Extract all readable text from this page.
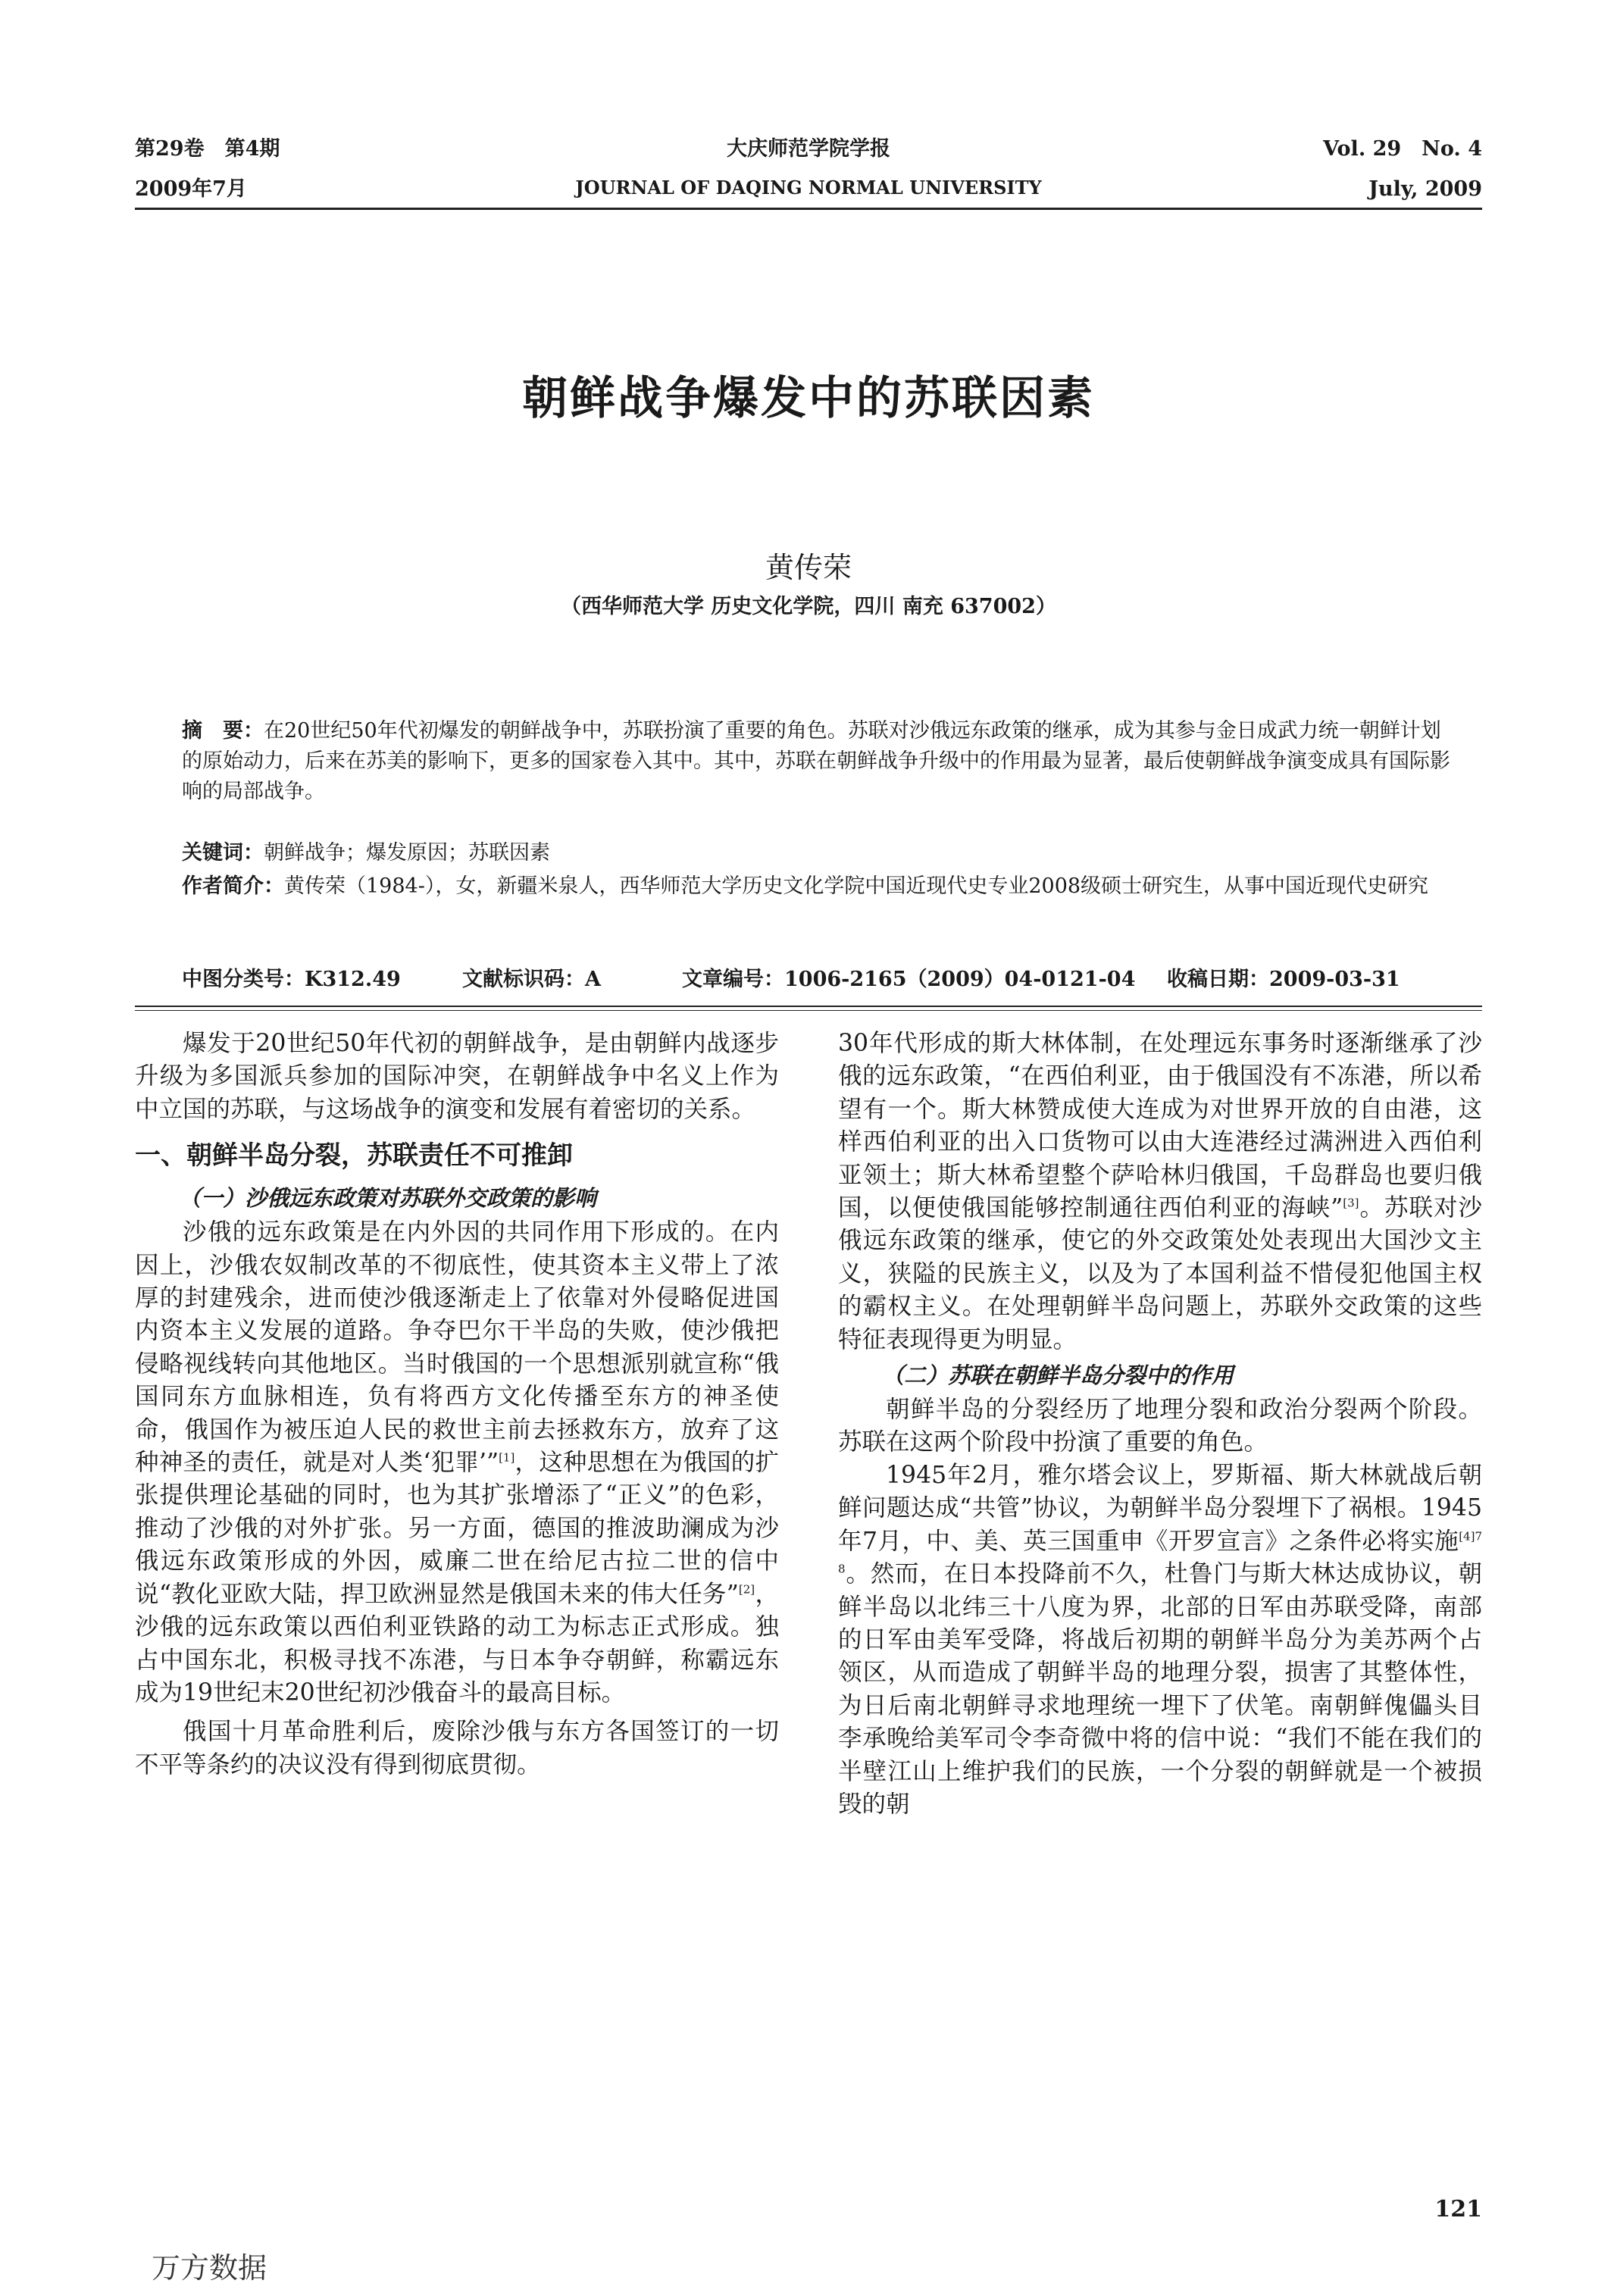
第29卷　第4期
2009年7月
大庆师范学院学报
JOURNAL OF DAQING NORMAL UNIVERSITY
Vol. 29　No. 4
July, 2009
朝鲜战争爆发中的苏联因素
黄传荣
（西华师范大学 历史文化学院，四川 南充 637002）
摘　要：在20世纪50年代初爆发的朝鲜战争中，苏联扮演了重要的角色。苏联对沙俄远东政策的继承，成为其参与金日成武力统一朝鲜计划的原始动力，后来在苏美的影响下，更多的国家卷入其中。其中，苏联在朝鲜战争升级中的作用最为显著，最后使朝鲜战争演变成具有国际影响的局部战争。
关键词：朝鲜战争；爆发原因；苏联因素
作者简介：黄传荣（1984-），女，新疆米泉人，西华师范大学历史文化学院中国近现代史专业2008级硕士研究生，从事中国近现代史研究
中图分类号：K312.49	文献标识码：A	文章编号：1006-2165（2009）04-0121-04 收稿日期：2009-03-31

爆发于20世纪50年代初的朝鲜战争，是由朝鲜内战逐步升级为多国派兵参加的国际冲突，在朝鲜战争中名义上作为中立国的苏联，与这场战争的演变和发展有着密切的关系。

一、朝鲜半岛分裂，苏联责任不可推卸
（一）沙俄远东政策对苏联外交政策的影响

沙俄的远东政策是在内外因的共同作用下形成的。在内因上，沙俄农奴制改革的不彻底性，使其资本主义带上了浓厚的封建残余，进而使沙俄逐渐走上了依靠对外侵略促进国内资本主义发展的道路。争夺巴尔干半岛的失败，使沙俄把侵略视线转向其他地区。当时俄国的一个思想派别就宣称“俄国同东方血脉相连，负有将西方文化传播至东方的神圣使命，俄国作为被压迫人民的救世主前去拯救东方，放弃了这种神圣的责任，就是对人类‘犯罪’”[1]，这种思想在为俄国的扩张提供理论基础的同时，也为其扩张增添了“正义”的色彩，推动了沙俄的对外扩张。另一方面，德国的推波助澜成为沙俄远东政策形成的外因，威廉二世在给尼古拉二世的信中说“教化亚欧大陆，捍卫欧洲显然是俄国未来的伟大任务”[2]，沙俄的远东政策以西伯利亚铁路的动工为标志正式形成。独占中国东北，积极寻找不冻港，与日本争夺朝鲜，称霸远东成为19世纪末20世纪初沙俄奋斗的最高目标。

俄国十月革命胜利后，废除沙俄与东方各国签订的一切不平等条约的决议没有得到彻底贯彻。

30年代形成的斯大林体制，在处理远东事务时逐渐继承了沙俄的远东政策，“在西伯利亚，由于俄国没有不冻港，所以希望有一个。斯大林赞成使大连成为对世界开放的自由港，这样西伯利亚的出入口货物可以由大连港经过满洲进入西伯利亚领土；斯大林希望整个萨哈林归俄国，千岛群岛也要归俄国，以便使俄国能够控制通往西伯利亚的海峡”[3]。苏联对沙俄远东政策的继承，使它的外交政策处处表现出大国沙文主义，狭隘的民族主义，以及为了本国利益不惜侵犯他国主权的霸权主义。在处理朝鲜半岛问题上，苏联外交政策的这些特征表现得更为明显。

（二）苏联在朝鲜半岛分裂中的作用

朝鲜半岛的分裂经历了地理分裂和政治分裂两个阶段。苏联在这两个阶段中扮演了重要的角色。

1945年2月，雅尔塔会议上，罗斯福、斯大林就战后朝鲜问题达成“共管”协议，为朝鲜半岛分裂埋下了祸根。1945年7月，中、美、英三国重申《开罗宣言》之条件必将实施$^{[4]78}$。然而，在日本投降前不久，杜鲁门与斯大林达成协议，朝鲜半岛以北纬三十八度为界，北部的日军由苏联受降，南部的日军由美军受降，将战后初期的朝鲜半岛分为美苏两个占领区，从而造成了朝鲜半岛的地理分裂，损害了其整体性，为日后南北朝鲜寻求地理统一埋下了伏笔。南朝鲜傀儡头目李承晚给美军司令李奇微中将的信中说：“我们不能在我们的半壁江山上维护我们的民族，一个分裂的朝鲜就是一个被损毁的朝

121
万方数据
